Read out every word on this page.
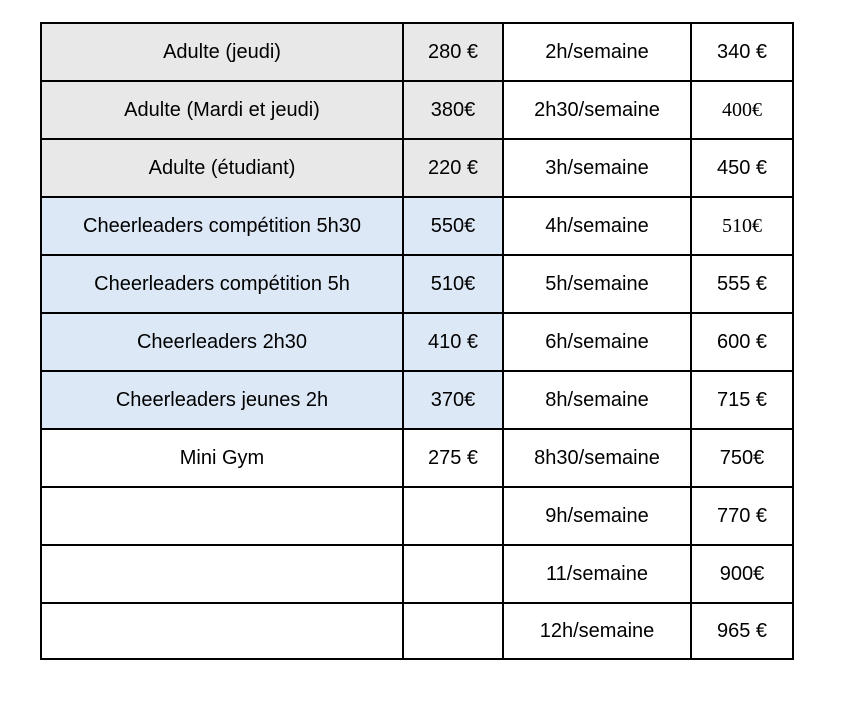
Adulte (jeudi)	280 €	2h/semaine	340 €
Adulte (Mardi et jeudi)	380€	2h30/semaine	400€
Adulte (étudiant)	220 €	3h/semaine	450 €
Cheerleaders compétition 5h30	550€	4h/semaine	510€
Cheerleaders compétition 5h	510€	5h/semaine	555 €
Cheerleaders 2h30	410 €	6h/semaine	600 €
Cheerleaders jeunes 2h	370€	8h/semaine	715 €
Mini Gym	275 €	8h30/semaine	750€
		9h/semaine	770 €
		11/semaine	900€
		12h/semaine	965 €
